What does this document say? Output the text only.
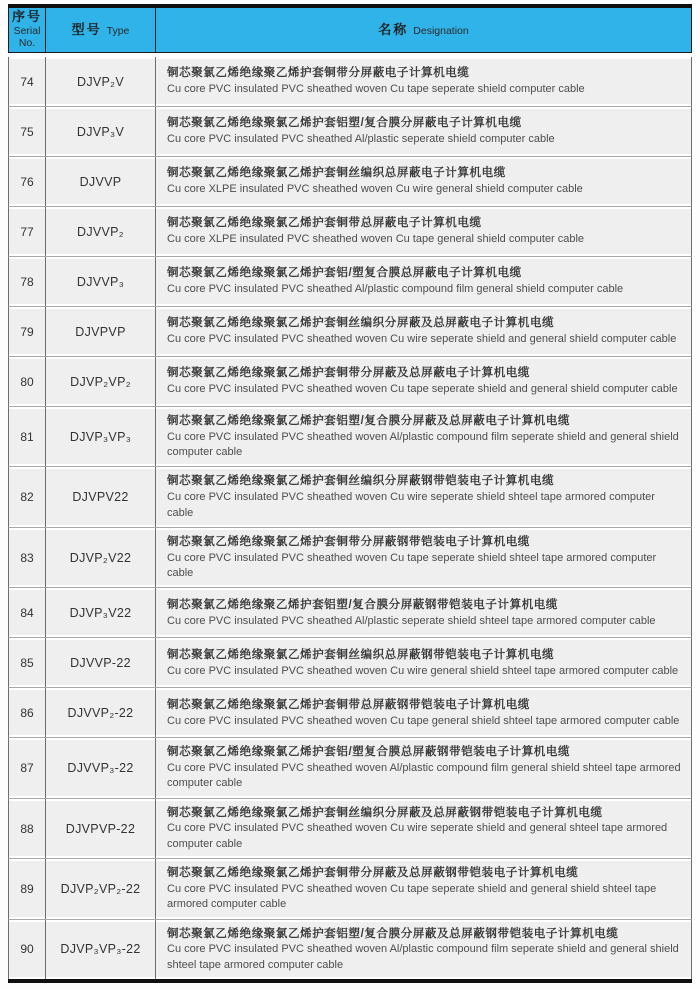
序号
Serial
No.
型号 Type	名称 Designation
74	DJVP₂V
铜芯聚氯乙烯绝缘聚乙烯护套铜带分屏蔽电子计算机电缆
Cu core PVC insulated PVC sheathed woven Cu tape seperate shield computer cable
75	DJVP₃V
铜芯聚氯乙烯绝缘聚氯乙烯护套铝塑/复合膜分屏蔽电子计算机电缆
Cu core PVC insulated PVC sheathed Al/plastic seperate shield computer cable
76	DJVVP
铜芯聚氯乙烯绝缘聚氯乙烯护套铜丝编织总屏蔽电子计算机电缆
Cu core XLPE insulated PVC sheathed woven Cu wire general shield computer cable
77	DJVVP₂
铜芯聚氯乙烯绝缘聚氯乙烯护套铜带总屏蔽电子计算机电缆
Cu core XLPE insulated PVC sheathed woven Cu tape general shield computer cable
78	DJVVP₃
铜芯聚氯乙烯绝缘聚氯乙烯护套铝/塑复合膜总屏蔽电子计算机电缆
Cu core PVC insulated PVC sheathed Al/plastic compound film general shield computer cable
79	DJVPVP
铜芯聚氯乙烯绝缘聚氯乙烯护套铜丝编织分屏蔽及总屏蔽电子计算机电缆
Cu core PVC insulated PVC sheathed woven Cu wire seperate shield and general shield computer cable
80	DJVP₂VP₂
铜芯聚氯乙烯绝缘聚氯乙烯护套铜带分屏蔽及总屏蔽电子计算机电缆
Cu core PVC insulated PVC sheathed woven Cu tape seperate shield and general shield computer cable
81	DJVP₃VP₃
铜芯聚氯乙烯绝缘聚氯乙烯护套铝塑/复合膜分屏蔽及总屏蔽电子计算机电缆
Cu core PVC insulated PVC sheathed woven Al/plastic compound film seperate shield and general shield computer cable
82	DJVPV22
铜芯聚氯乙烯绝缘聚氯乙烯护套铜丝编织分屏蔽钢带铠装电子计算机电缆
Cu core PVC insulated PVC sheathed woven Cu wire seperate shield shteel tape armored computer cable
83	DJVP₂V22
铜芯聚氯乙烯绝缘聚氯乙烯护套铜带分屏蔽钢带铠装电子计算机电缆
Cu core PVC insulated PVC sheathed woven Cu tape seperate shield shteel tape armored computer cable
84	DJVP₃V22
铜芯聚氯乙烯绝缘聚乙烯护套铝塑/复合膜分屏蔽钢带铠装电子计算机电缆
Cu core PVC insulated PVC sheathed Al/plastic seperate shield shteel tape armored computer cable
85	DJVVP-22
铜芯聚氯乙烯绝缘聚氯乙烯护套铜丝编织总屏蔽钢带铠装电子计算机电缆
Cu core PVC insulated PVC sheathed woven Cu wire general shield shteel tape armored computer cable
86	DJVVP₂-22
铜芯聚氯乙烯绝缘聚氯乙烯护套铜带总屏蔽钢带铠装电子计算机电缆
Cu core PVC insulated PVC sheathed woven Cu tape general shield shteel tape armored computer cable
87	DJVVP₃-22
铜芯聚氯乙烯绝缘聚氯乙烯护套铝/塑复合膜总屏蔽钢带铠装电子计算机电缆
Cu core PVC insulated PVC sheathed woven Al/plastic compound film general shield shteel tape armored computer cable
88	DJVPVP-22
铜芯聚氯乙烯绝缘聚氯乙烯护套铜丝编织分屏蔽及总屏蔽钢带铠装电子计算机电缆
Cu core PVC insulated PVC sheathed woven Cu wire seperate shield and general shteel tape armored computer cable
89	DJVP₂VP₂-22
铜芯聚氯乙烯绝缘聚氯乙烯护套铜带分屏蔽及总屏蔽钢带铠装电子计算机电缆
Cu core PVC insulated PVC sheathed woven Cu tape seperate shield and general shield shteel tape armored computer cable
90	DJVP₃VP₃-22
铜芯聚氯乙烯绝缘聚氯乙烯护套铝塑/复合膜分屏蔽及总屏蔽钢带铠装电子计算机电缆
Cu core PVC insulated PVC sheathed woven Al/plastic compound film seperate shield and general shield shteel tape armored computer cable
